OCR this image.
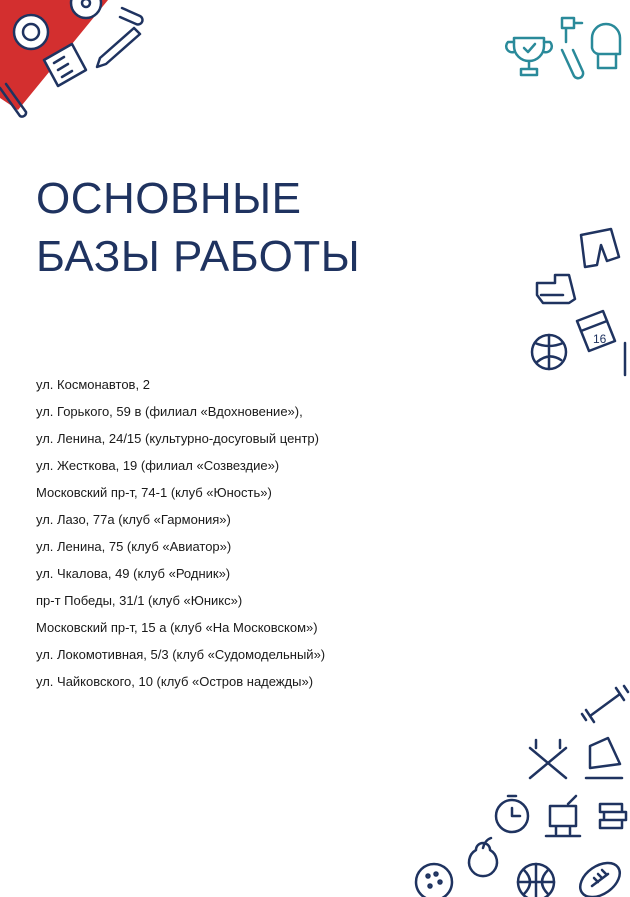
16
ОСНОВНЫЕ
БАЗЫ РАБОТЫ
ул. Космонавтов, 2
ул. Горького, 59 в (филиал «Вдохновение»),
ул. Ленина, 24/15 (культурно-досуговый центр)
ул. Жесткова, 19 (филиал «Созвездие»)
Московский пр-т, 74-1 (клуб «Юность»)
ул. Лазо, 77а (клуб «Гармония»)
ул. Ленина, 75 (клуб «Авиатор»)
ул. Чкалова, 49 (клуб «Родник»)
пр-т Победы, 31/1 (клуб «Юникс»)
Московский пр-т, 15 а (клуб «На Московском»)
ул. Локомотивная, 5/3 (клуб «Судомодельный»)
ул. Чайковского, 10 (клуб «Остров надежды»)
